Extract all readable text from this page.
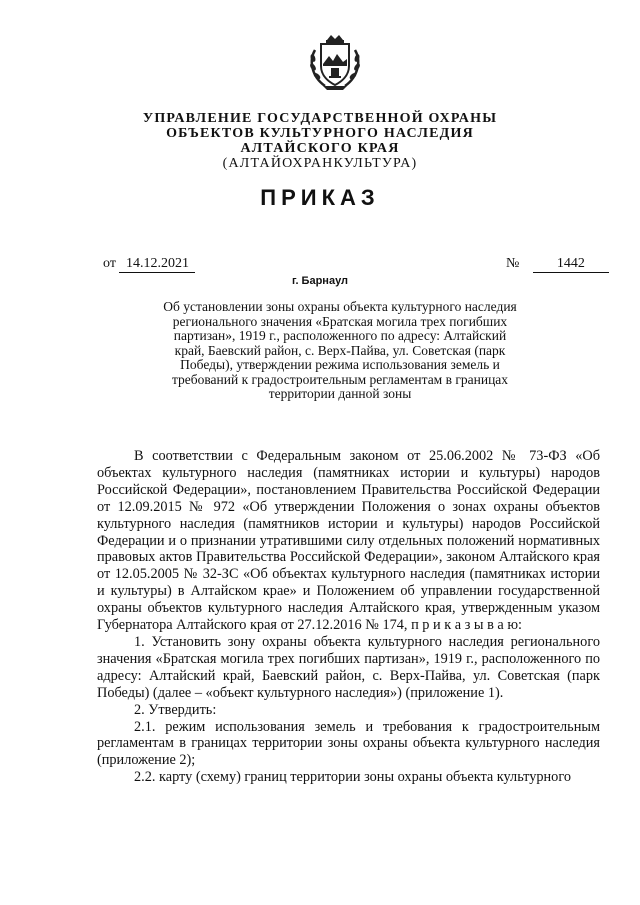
УПРАВЛЕНИЕ ГОСУДАРСТВЕННОЙ ОХРАНЫ
ОБЪЕКТОВ КУЛЬТУРНОГО НАСЛЕДИЯ
АЛТАЙСКОГО КРАЯ
(АЛТАЙОХРАНКУЛЬТУРА)
ПРИКАЗ
от 14.12.2021	№	1442
г. Барнаул
Об установлении зоны охраны объекта культурного наследия
регионального значения «Братская могила трех погибших
партизан», 1919 г., расположенного по адресу: Алтайский
край, Баевский район, с. Верх-Пайва, ул. Советская (парк
Победы), утверждении режима использования земель и
требований к градостроительным регламентам в границах
территории данной зоны

В соответствии с Федеральным законом от 25.06.2002 № 73-ФЗ «Об объектах культурного наследия (памятниках истории и культуры) народов Российской Федерации», постановлением Правительства Российской Федерации от 12.09.2015 № 972 «Об утверждении Положения о зонах охраны объектов культурного наследия (памятников истории и культуры) народов Российской Федерации и о признании утратившими силу отдельных положений нормативных правовых актов Правительства Российской Федерации», законом Алтайского края от 12.05.2005 № 32-ЗС «Об объектах культурного наследия (памятниках истории и культуры) в Алтайском крае» и Положением об управлении государственной охраны объектов культурного наследия Алтайского края, утвержденным указом Губернатора Алтайского края от 27.12.2016 № 174, п р и к а з ы в а ю:

1. Установить зону охраны объекта культурного наследия регионального значения «Братская могила трех погибших партизан», 1919 г., расположенного по адресу: Алтайский край, Баевский район, с. Верх-Пайва, ул. Советская (парк Победы) (далее – «объект культурного наследия») (приложение 1).

2. Утвердить:

2.1. режим использования земель и требования к градостроительным регламентам в границах территории зоны охраны объекта культурного наследия (приложение 2);

2.2. карту (схему) границ территории зоны охраны объекта культурного
